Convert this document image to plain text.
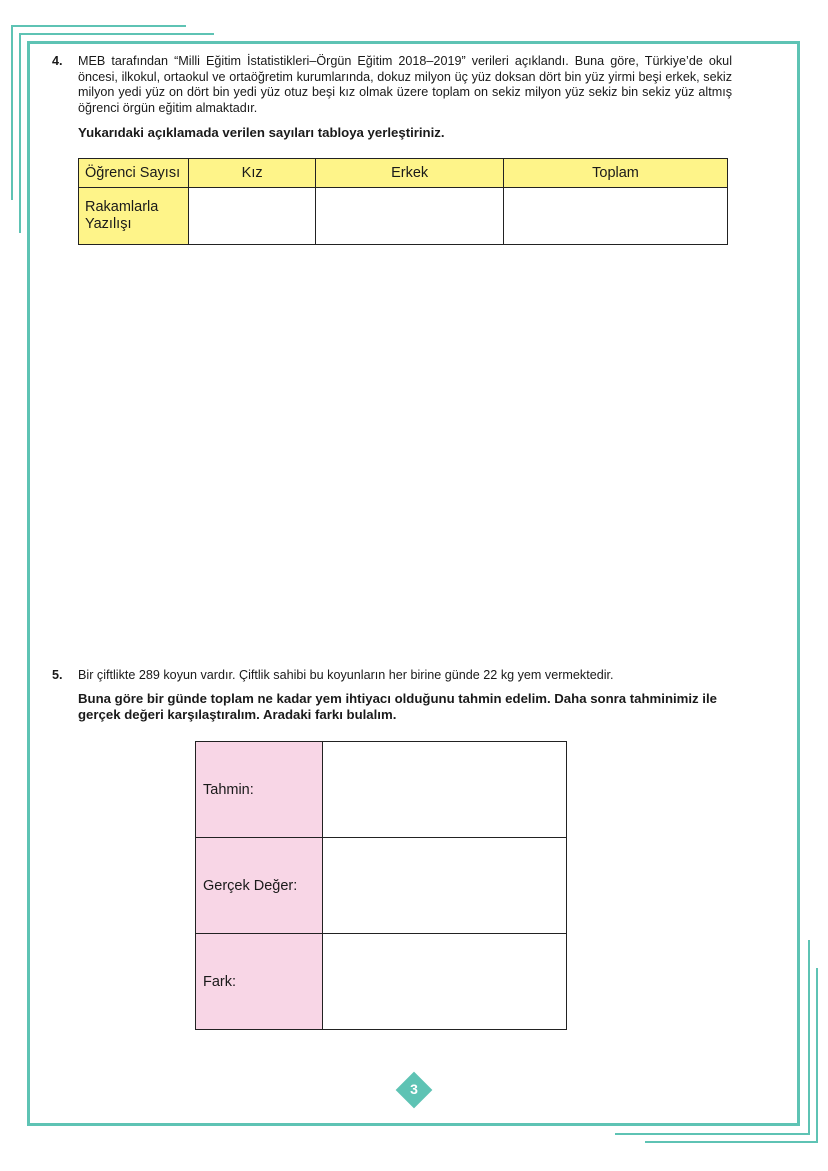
4. MEB tarafından “Milli Eğitim İstatistikleri–Örgün Eğitim 2018–2019” verileri açıklandı. Buna göre, Türkiye’de okul öncesi, ilkokul, ortaokul ve ortaöğretim kurumlarında, dokuz milyon üç yüz doksan dört bin yüz yirmi beşi erkek, sekiz milyon yedi yüz on dört bin yedi yüz otuz beşi kız olmak üzere toplam on sekiz milyon yüz sekiz bin sekiz yüz altmış öğrenci örgün eğitim almaktadır.
Yukarıdaki açıklamada verilen sayıları tabloya yerleştiriniz.
Öğrenci Sayısı	Kız	Erkek	Toplam
Rakamlarla Yazılışı			
5. Bir çiftlikte 289 koyun vardır. Çiftlik sahibi bu koyunların her birine günde 22 kg yem vermektedir.
Buna göre bir günde toplam ne kadar yem ihtiyacı olduğunu tahmin edelim. Daha sonra tahminimiz ile gerçek değeri karşılaştıralım. Aradaki farkı bulalım.
Tahmin:	
Gerçek Değer:	
Fark:	
3
